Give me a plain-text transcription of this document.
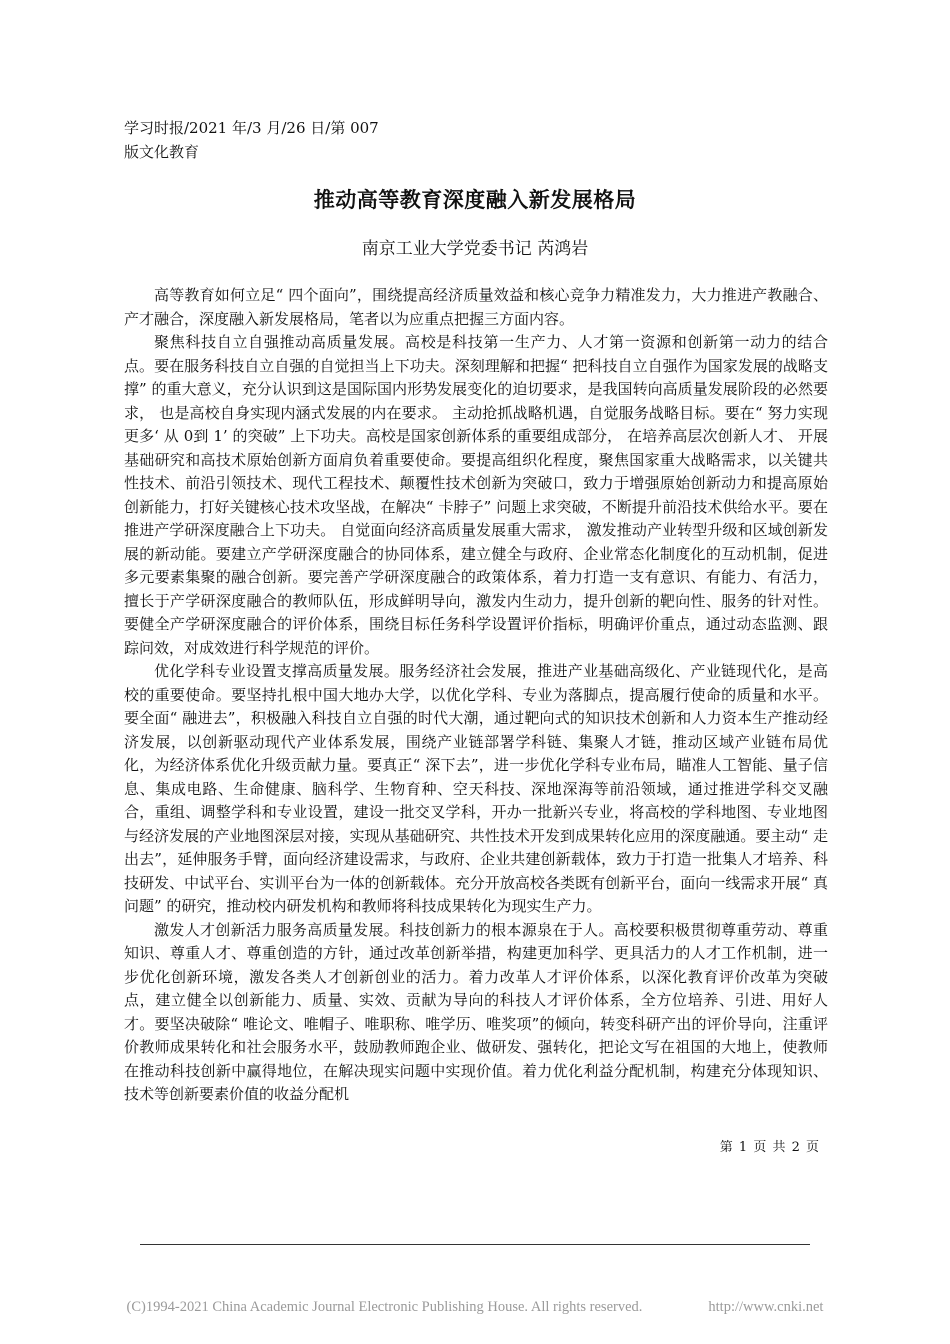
学习时报/2021 年/3 月/26 日/第 007
版文化教育
推动高等教育深度融入新发展格局
南京工业大学党委书记 芮鸿岩

高等教育如何立足“ 四个面向”，围绕提高经济质量效益和核心竞争力精准发力，大力推进产教融合、产才融合，深度融入新发展格局，笔者以为应重点把握三方面内容。

聚焦科技自立自强推动高质量发展。高校是科技第一生产力、人才第一资源和创新第一动力的结合点。要在服务科技自立自强的自觉担当上下功夫。深刻理解和把握“ 把科技自立自强作为国家发展的战略支撑” 的重大意义，充分认识到这是国际国内形势发展变化的迫切要求，是我国转向高质量发展阶段的必然要求， 也是高校自身实现内涵式发展的内在要求。 主动抢抓战略机遇，自觉服务战略目标。要在“ 努力实现更多‘ 从 0到 1’ 的突破” 上下功夫。高校是国家创新体系的重要组成部分， 在培养高层次创新人才、 开展基础研究和高技术原始创新方面肩负着重要使命。要提高组织化程度，聚焦国家重大战略需求，以关键共性技术、前沿引领技术、现代工程技术、颠覆性技术创新为突破口，致力于增强原始创新动力和提高原始创新能力，打好关键核心技术攻坚战，在解决“ 卡脖子” 问题上求突破，不断提升前沿技术供给水平。要在推进产学研深度融合上下功夫。 自觉面向经济高质量发展重大需求， 激发推动产业转型升级和区域创新发展的新动能。要建立产学研深度融合的协同体系，建立健全与政府、企业常态化制度化的互动机制，促进多元要素集聚的融合创新。要完善产学研深度融合的政策体系，着力打造一支有意识、有能力、有活力，擅长于产学研深度融合的教师队伍，形成鲜明导向，激发内生动力，提升创新的靶向性、服务的针对性。要健全产学研深度融合的评价体系，围绕目标任务科学设置评价指标，明确评价重点，通过动态监测、跟踪问效，对成效进行科学规范的评价。

优化学科专业设置支撑高质量发展。服务经济社会发展，推进产业基础高级化、产业链现代化，是高校的重要使命。要坚持扎根中国大地办大学，以优化学科、专业为落脚点，提高履行使命的质量和水平。要全面“ 融进去”，积极融入科技自立自强的时代大潮，通过靶向式的知识技术创新和人力资本生产推动经济发展，以创新驱动现代产业体系发展，围绕产业链部署学科链、集聚人才链，推动区域产业链布局优化，为经济体系优化升级贡献力量。要真正“ 深下去”，进一步优化学科专业布局，瞄准人工智能、量子信息、集成电路、生命健康、脑科学、生物育种、空天科技、深地深海等前沿领域，通过推进学科交叉融合，重组、调整学科和专业设置，建设一批交叉学科，开办一批新兴专业，将高校的学科地图、专业地图与经济发展的产业地图深层对接，实现从基础研究、共性技术开发到成果转化应用的深度融通。要主动“ 走出去”，延伸服务手臂，面向经济建设需求，与政府、企业共建创新载体，致力于打造一批集人才培养、科技研发、中试平台、实训平台为一体的创新载体。充分开放高校各类既有创新平台，面向一线需求开展“ 真问题” 的研究，推动校内研发机构和教师将科技成果转化为现实生产力。

激发人才创新活力服务高质量发展。科技创新力的根本源泉在于人。高校要积极贯彻尊重劳动、尊重知识、尊重人才、尊重创造的方针，通过改革创新举措，构建更加科学、更具活力的人才工作机制，进一步优化创新环境，激发各类人才创新创业的活力。着力改革人才评价体系，以深化教育评价改革为突破点，建立健全以创新能力、质量、实效、贡献为导向的科技人才评价体系，全方位培养、引进、用好人才。要坚决破除“ 唯论文、唯帽子、唯职称、唯学历、唯奖项”的倾向，转变科研产出的评价导向，注重评价教师成果转化和社会服务水平，鼓励教师跑企业、做研发、强转化，把论文写在祖国的大地上，使教师在推动科技创新中赢得地位，在解决现实问题中实现价值。着力优化利益分配机制，构建充分体现知识、技术等创新要素价值的收益分配机

第 1 页 共 2 页
(C)1994-2021 China Academic Journal Electronic Publishing House. All rights reserved.	http://www.cnki.net
